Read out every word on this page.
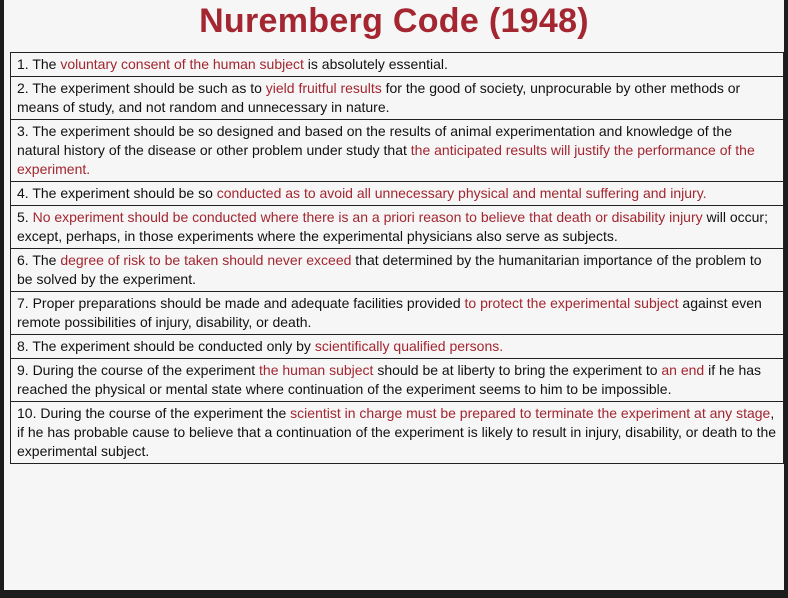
Nuremberg Code (1948)
1. The voluntary consent of the human subject is absolutely essential.
2. The experiment should be such as to yield fruitful results for the good of society, unprocurable by other methods or means of study, and not random and unnecessary in nature.
3. The experiment should be so designed and based on the results of animal experimentation and knowledge of the natural history of the disease or other problem under study that the anticipated results will justify the performance of the experiment.
4. The experiment should be so conducted as to avoid all unnecessary physical and mental suffering and injury.
5. No experiment should be conducted where there is an a priori reason to believe that death or disability injury will occur; except, perhaps, in those experiments where the experimental physicians also serve as subjects.
6. The degree of risk to be taken should never exceed that determined by the humanitarian importance of the problem to be solved by the experiment.
7. Proper preparations should be made and adequate facilities provided to protect the experimental subject against even remote possibilities of injury, disability, or death.
8. The experiment should be conducted only by scientifically qualified persons.
9. During the course of the experiment the human subject should be at liberty to bring the experiment to an end if he has reached the physical or mental state where continuation of the experiment seems to him to be impossible.
10. During the course of the experiment the scientist in charge must be prepared to terminate the experiment at any stage, if he has probable cause to believe that a continuation of the experiment is likely to result in injury, disability, or death to the experimental subject.
